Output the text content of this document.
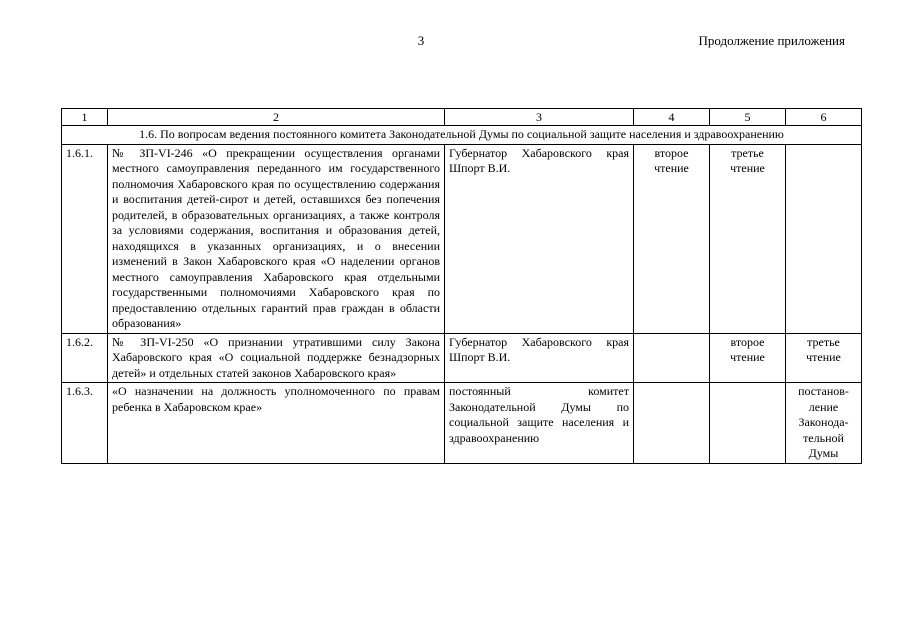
3	Продолжение приложения
1	2	3	4	5	6
1.6. По вопросам ведения постоянного комитета Законодательной Думы по социальной защите населения и здравоохранению					
1.6.1.	№ ЗП-VI-246 «О прекращении осуществления органами местного самоуправления переданного им государственного полномочия Хабаровского края по осуществлению содержания и воспитания детей-сирот и детей, оставшихся без попечения родителей, в образовательных организациях, а также контроля за условиями содержания, воспитания и образования детей, находящихся в указанных организациях, и о внесении изменений в Закон Хабаровского края «О наделении органов местного самоуправления Хабаровского края отдельными государственными полномочиями Хабаровского края по предоставлению отдельных гарантий прав граждан в области образования»	Губернатор Хабаровского края Шпорт В.И.	второе чтение	третье чтение	
1.6.2.	№ ЗП-VI-250 «О признании утратившими силу Закона Хабаровского края «О социальной поддержке безнадзорных детей» и отдельных статей законов Хабаровского края»	Губернатор Хабаровского края Шпорт В.И.		второе чтение	третье чтение
1.6.3.	«О назначении на должность уполномоченного по правам ребенка в Хабаровском крае»	постоянный комитет Законодательной Думы по социальной защите населения и здравоохранению			постанов-ление Законода-тельной Думы
